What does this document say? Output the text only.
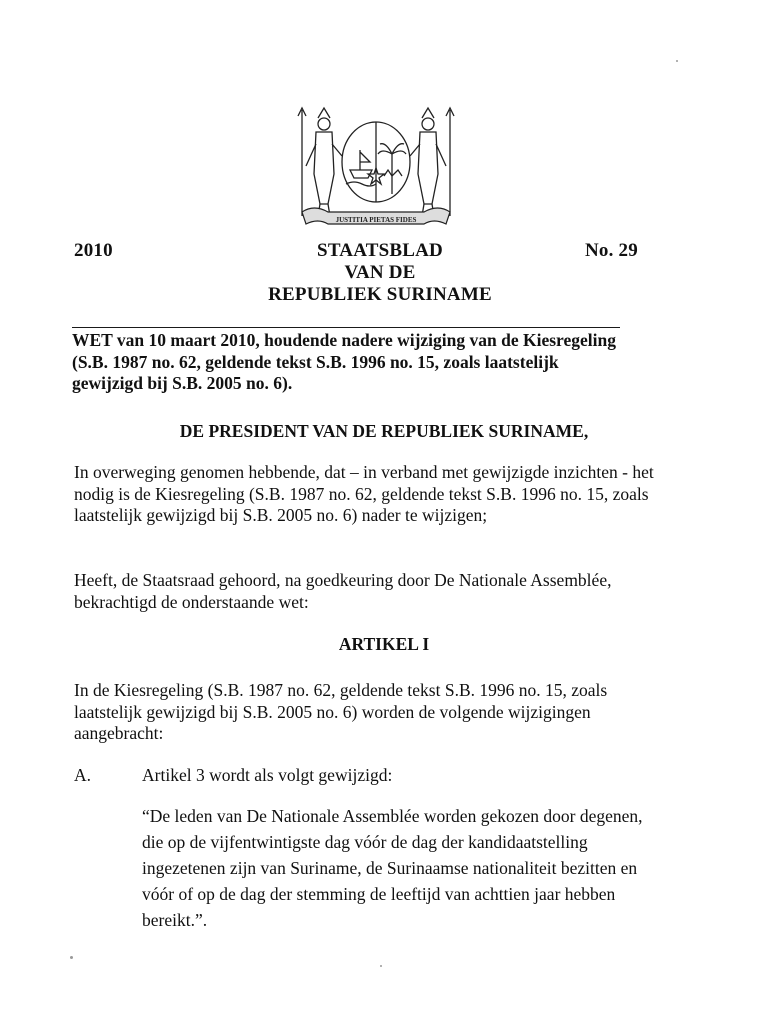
JUSTITIA PIETAS FIDES
2010	STAATSBLAD
VAN DE
REPUBLIEK SURINAME
No. 29
WET van 10 maart 2010, houdende nadere wijziging van de Kiesregeling (S.B. 1987 no. 62, geldende tekst S.B. 1996 no. 15, zoals laatstelijk gewijzigd bij S.B. 2005 no. 6).
DE PRESIDENT VAN DE REPUBLIEK SURINAME,
In overweging genomen hebbende, dat – in verband met gewijzigde inzichten - het nodig is de Kiesregeling (S.B. 1987 no. 62, geldende tekst S.B. 1996 no. 15, zoals laatstelijk gewijzigd bij S.B. 2005 no. 6) nader te wijzigen;
Heeft, de Staatsraad gehoord, na goedkeuring door De Nationale Assemblée, bekrachtigd de onderstaande wet:
ARTIKEL I
In de Kiesregeling (S.B. 1987 no. 62, geldende tekst S.B. 1996 no. 15, zoals laatstelijk gewijzigd bij S.B. 2005 no. 6) worden de volgende wijzigingen aangebracht:
A.	Artikel 3 wordt als volgt gewijzigd:
“De leden van De Nationale Assemblée worden gekozen door degenen, die op de vijfentwintigste dag vóór de dag der kandidaatstelling ingezetenen zijn van Suriname, de Surinaamse nationaliteit bezitten en vóór of op de dag der stemming de leeftijd van achttien jaar hebben bereikt.”.
